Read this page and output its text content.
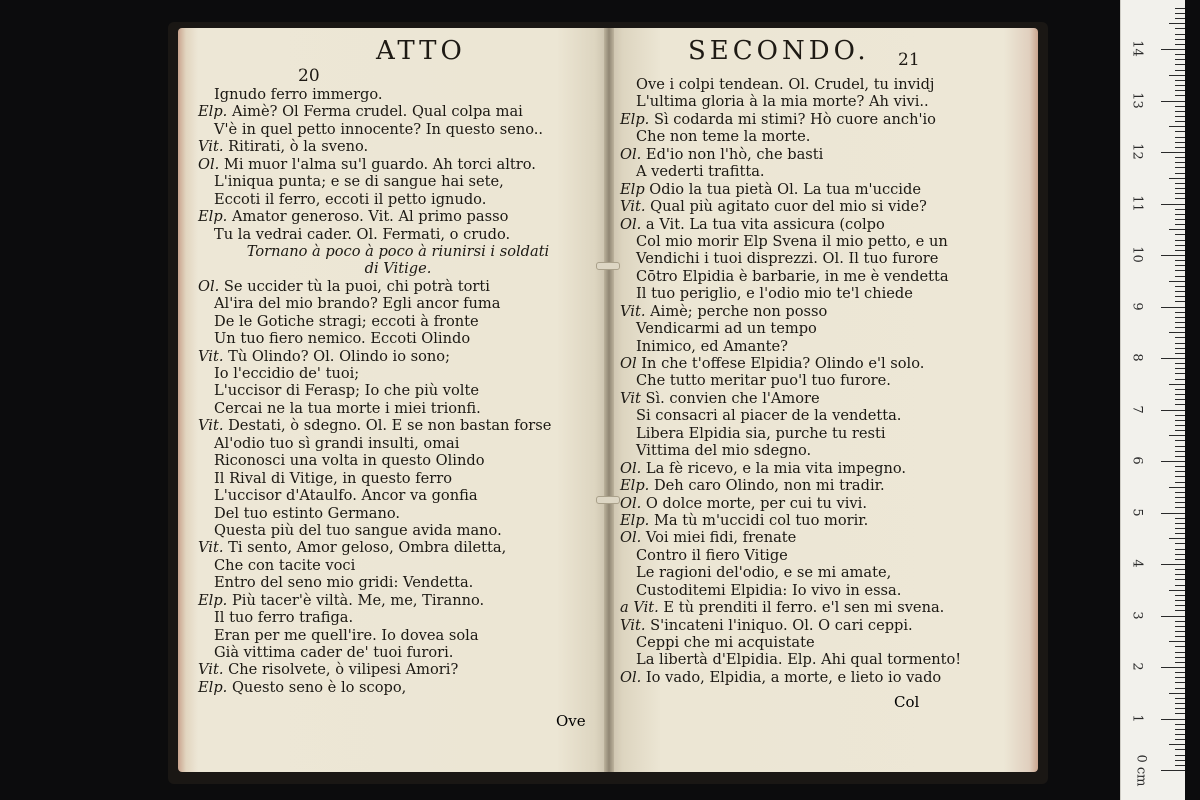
20
ATTO	SECONDO. 21
Ignudo ferro immergo.
Elp. Aimè? Ol Ferma crudel. Qual colpa mai
V'è in quel petto innocente? In questo seno..
Vit. Ritirati, ò la sveno.
Ol. Mi muor l'alma su'l guardo. Ah torci altro.
L'iniqua punta; e se di sangue hai sete,
Eccoti il ferro, eccoti il petto ignudo.
Elp. Amator generoso. Vit. Al primo passo
Tu la vedrai cader. Ol. Fermati, o crudo.
Tornano à poco à poco à riunirsi i soldati
di Vitige.
Ol. Se uccider tù la puoi, chi potrà torti
Al'ira del mio brando? Egli ancor fuma
De le Gotiche stragi; eccoti à fronte
Un tuo fiero nemico. Eccoti Olindo
Vit. Tù Olindo? Ol. Olindo io sono;
Io l'eccidio de' tuoi;
L'uccisor di Ferasp; Io che più volte
Cercai ne la tua morte i miei trionfi.
Vit. Destati, ò sdegno. Ol. E se non bastan forse
Al'odio tuo sì grandi insulti, omai
Riconosci una volta in questo Olindo
Il Rival di Vitige, in questo ferro
L'uccisor d'Ataulfo. Ancor va gonfia
Del tuo estinto Germano.
Questa più del tuo sangue avida mano.
Vit. Ti sento, Amor geloso, Ombra diletta,
Che con tacite voci
Entro del seno mio gridi: Vendetta.
Elp. Più tacer'è viltà. Me, me, Tiranno.
Il tuo ferro trafiga.
Eran per me quell'ire. Io dovea sola
Già vittima cader de' tuoi furori.
Vit. Che risolvete, ò vilipesi Amori?
Elp. Questo seno è lo scopo,
Ove i colpi tendean. Ol. Crudel, tu invidj
L'ultima gloria à la mia morte? Ah vivi..
Elp. Sì codarda mi stimi? Hò cuore anch'io
Che non teme la morte.
Ol. Ed'io non l'hò, che basti
A vederti trafitta.
Elp Odio la tua pietà Ol. La tua m'uccide
Vit. Qual più agitato cuor del mio si vide?
Ol. a Vit. La tua vita assicura (colpo
Col mio morir Elp Svena il mio petto, e un
Vendichi i tuoi disprezzi. Ol. Il tuo furore
Cōtro Elpidia è barbarie, in me è vendetta
Il tuo periglio, e l'odio mio te'l chiede
Vit. Aimè; perche non posso
Vendicarmi ad un tempo
Inimico, ed Amante?
Ol In che t'offese Elpidia? Olindo e'l solo.
Che tutto meritar puo'l tuo furore.
Vit Sì. convien che l'Amore
Si consacri al piacer de la vendetta.
Libera Elpidia sia, purche tu resti
Vittima del mio sdegno.
Ol. La fè ricevo, e la mia vita impegno.
Elp. Deh caro Olindo, non mi tradir.
Ol. O dolce morte, per cui tu vivi.
Elp. Ma tù m'uccidi col tuo morir.
Ol. Voi miei fidi, frenate
Contro il fiero Vitige
Le ragioni del'odio, e se mi amate,
Custoditemi Elpidia: Io vivo in essa.
a Vit. E tù prenditi il ferro. e'l sen mi svena.
Vit. S'incateni l'iniquo. Ol. O cari ceppi.
Ceppi che mi acquistate
La libertà d'Elpidia. Elp. Ahi qual tormento!
Ol. Io vado, Elpidia, a morte, e lieto io vado
Ove
Col
0 cm
1
2
3
4
5
6
7
8
9
10
11
12
13
14
